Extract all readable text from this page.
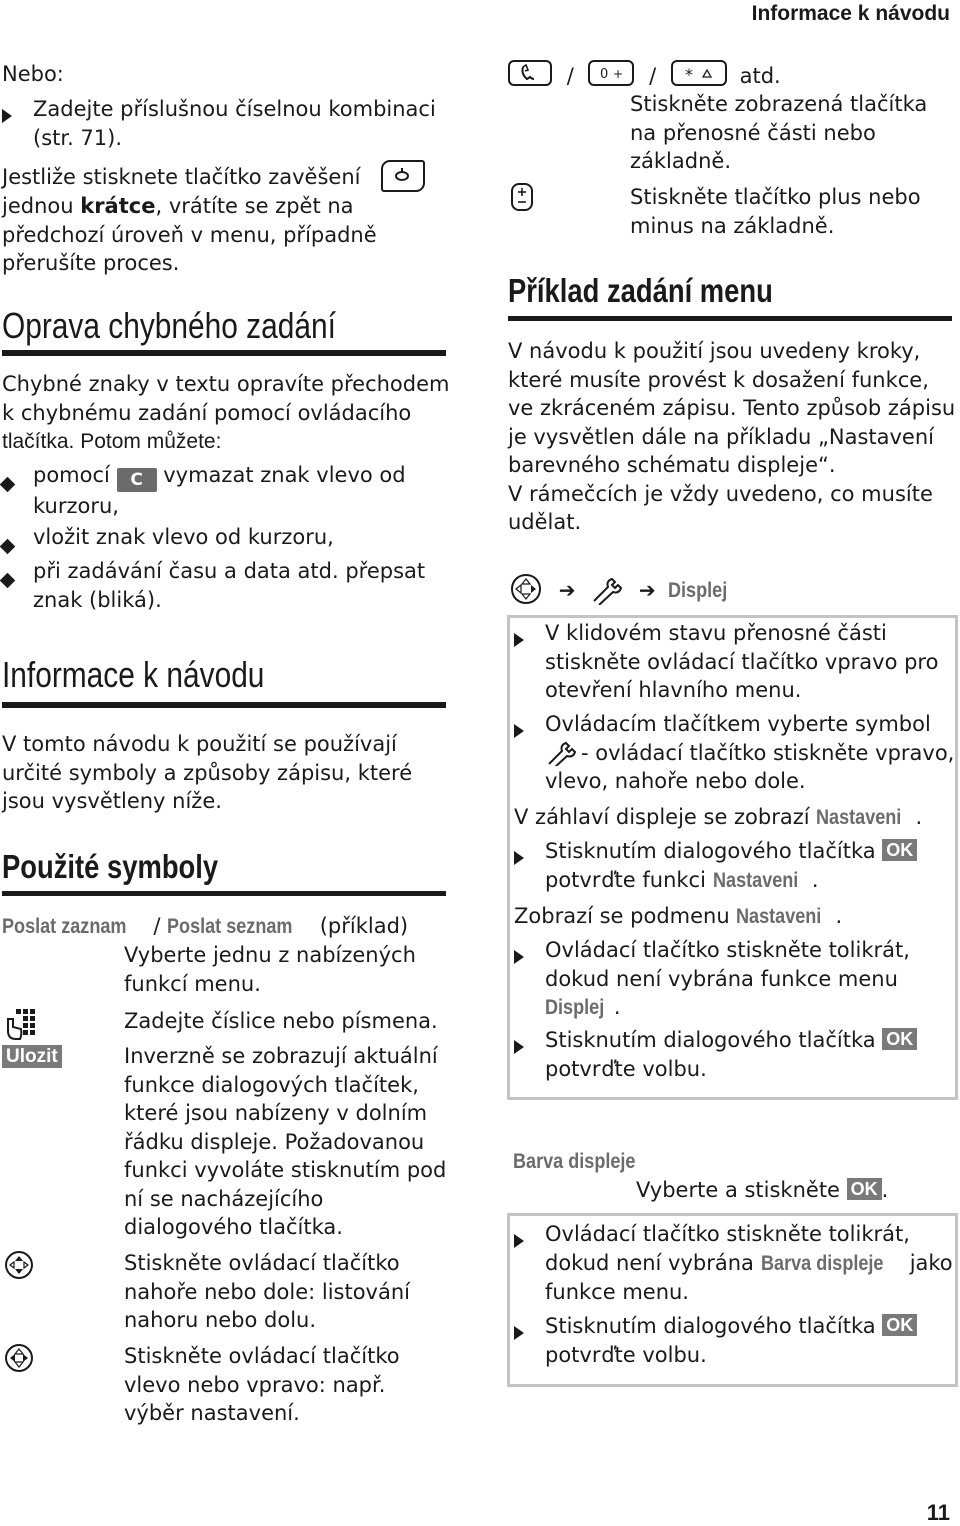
Informace k návodu
Nebo:
Zadejte příslušnou číselnou kombinaci
(str. 71).
Jestliže stisknete tlačítko zavěšení

jednou krátce, vrátíte se zpět na
předchozí úroveň v menu, případně
přerušíte proces.
Oprava chybného zadání
Chybné znaky v textu opravíte přechodem
k chybnému zadání pomocí ovládacího
tlačítka. Potom můžete:
pomocí C vymazat znak vlevo od
kurzoru,
vložit znak vlevo od kurzoru,
při zadávání času a data atd. přepsat
znak (bliká).
Informace k návodu
V tomto návodu k použití se používají
určité symboly a způsoby zápisu, které
jsou vysvětleny níže.
Použité symboly
Poslat zaznam / Poslat seznam (příklad)
Vyberte jednu z nabízených
funkcí menu.
Zadejte číslice nebo písmena.
Ulozit	Inverzně se zobrazují aktuální
funkce dialogových tlačítek,
které jsou nabízeny v dolním
řádku displeje. Požadovanou
funkci vyvoláte stisknutím pod
ní se nacházejícího
dialogového tlačítka.
Stiskněte ovládací tlačítko
nahoře nebo dole: listování
nahoru nebo dolu.
Stiskněte ovládací tlačítko
vlevo nebo vpravo: např.
výběr nastavení.
/ 0 + / * atd.
Stiskněte zobrazená tlačítka
na přenosné části nebo
základně.
Stiskněte tlačítko plus nebo
minus na základně.
Příklad zadání menu
V návodu k použití jsou uvedeny kroky,
které musíte provést k dosažení funkce,
ve zkráceném zápisu. Tento způsob zápisu
je vysvětlen dále na příkladu „Nastavení
barevného schématu displeje“.
V rámečcích je vždy uvedeno, co musíte
udělat.
➔	➔ Displej
V klidovém stavu přenosné části
stiskněte ovládací tlačítko vpravo pro
otevření hlavního menu.
Ovládacím tlačítkem vyberte symbol
- ovládací tlačítko stiskněte vpravo,
vlevo, nahoře nebo dole.
V záhlaví displeje se zobrazí Nastaveni .
Stisknutím dialogového tlačítka OK
potvrďte funkci Nastaveni .
Zobrazí se podmenu Nastaveni .
Ovládací tlačítko stiskněte tolikrát,
dokud není vybrána funkce menu
Displej .
Stisknutím dialogového tlačítka OK
potvrďte volbu.
Barva displeje
Vyberte a stiskněte OK .
Ovládací tlačítko stiskněte tolikrát,
dokud není vybrána Barva displeje jako
funkce menu.
Stisknutím dialogového tlačítka OK
potvrďte volbu.
11
